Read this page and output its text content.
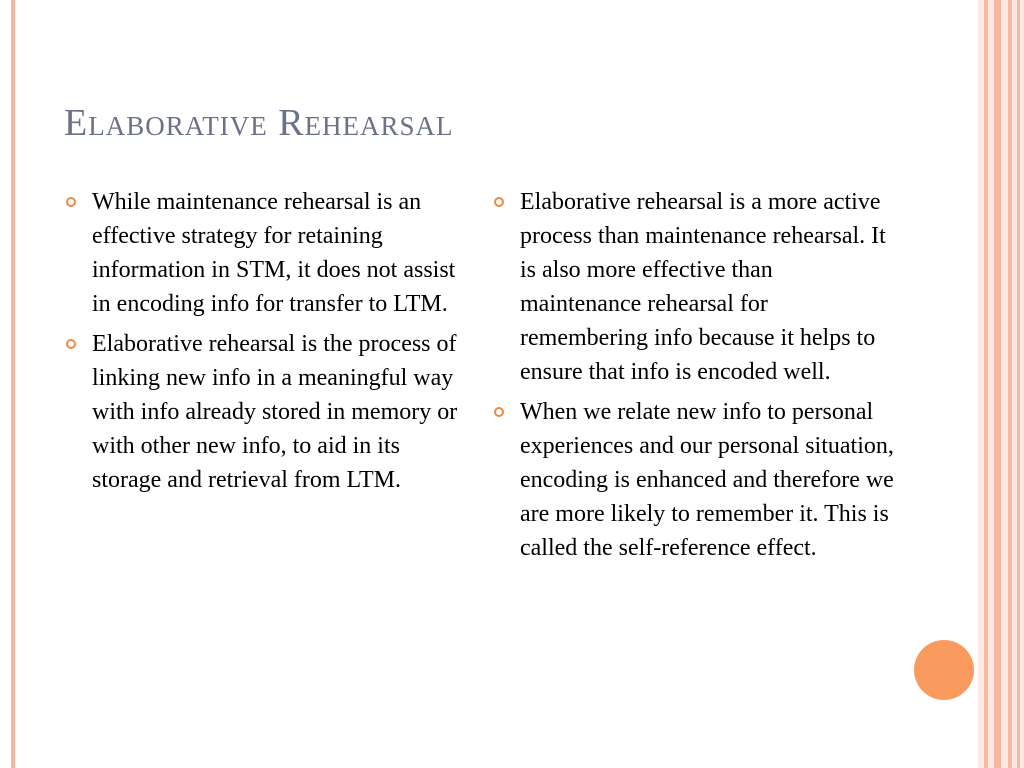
Elaborative Rehearsal
While maintenance rehearsal is an effective strategy for retaining information in STM, it does not assist in encoding info for transfer to LTM.
Elaborative rehearsal is the process of linking new info in a meaningful way with info already stored in memory or with other new info, to aid in its storage and retrieval from LTM.
Elaborative rehearsal is a more active process than maintenance rehearsal. It is also more effective than maintenance rehearsal for remembering info because it helps to ensure that info is encoded well.
When we relate new info to personal experiences and our personal situation, encoding is enhanced and therefore we are more likely to remember it. This is called the self-reference effect.
